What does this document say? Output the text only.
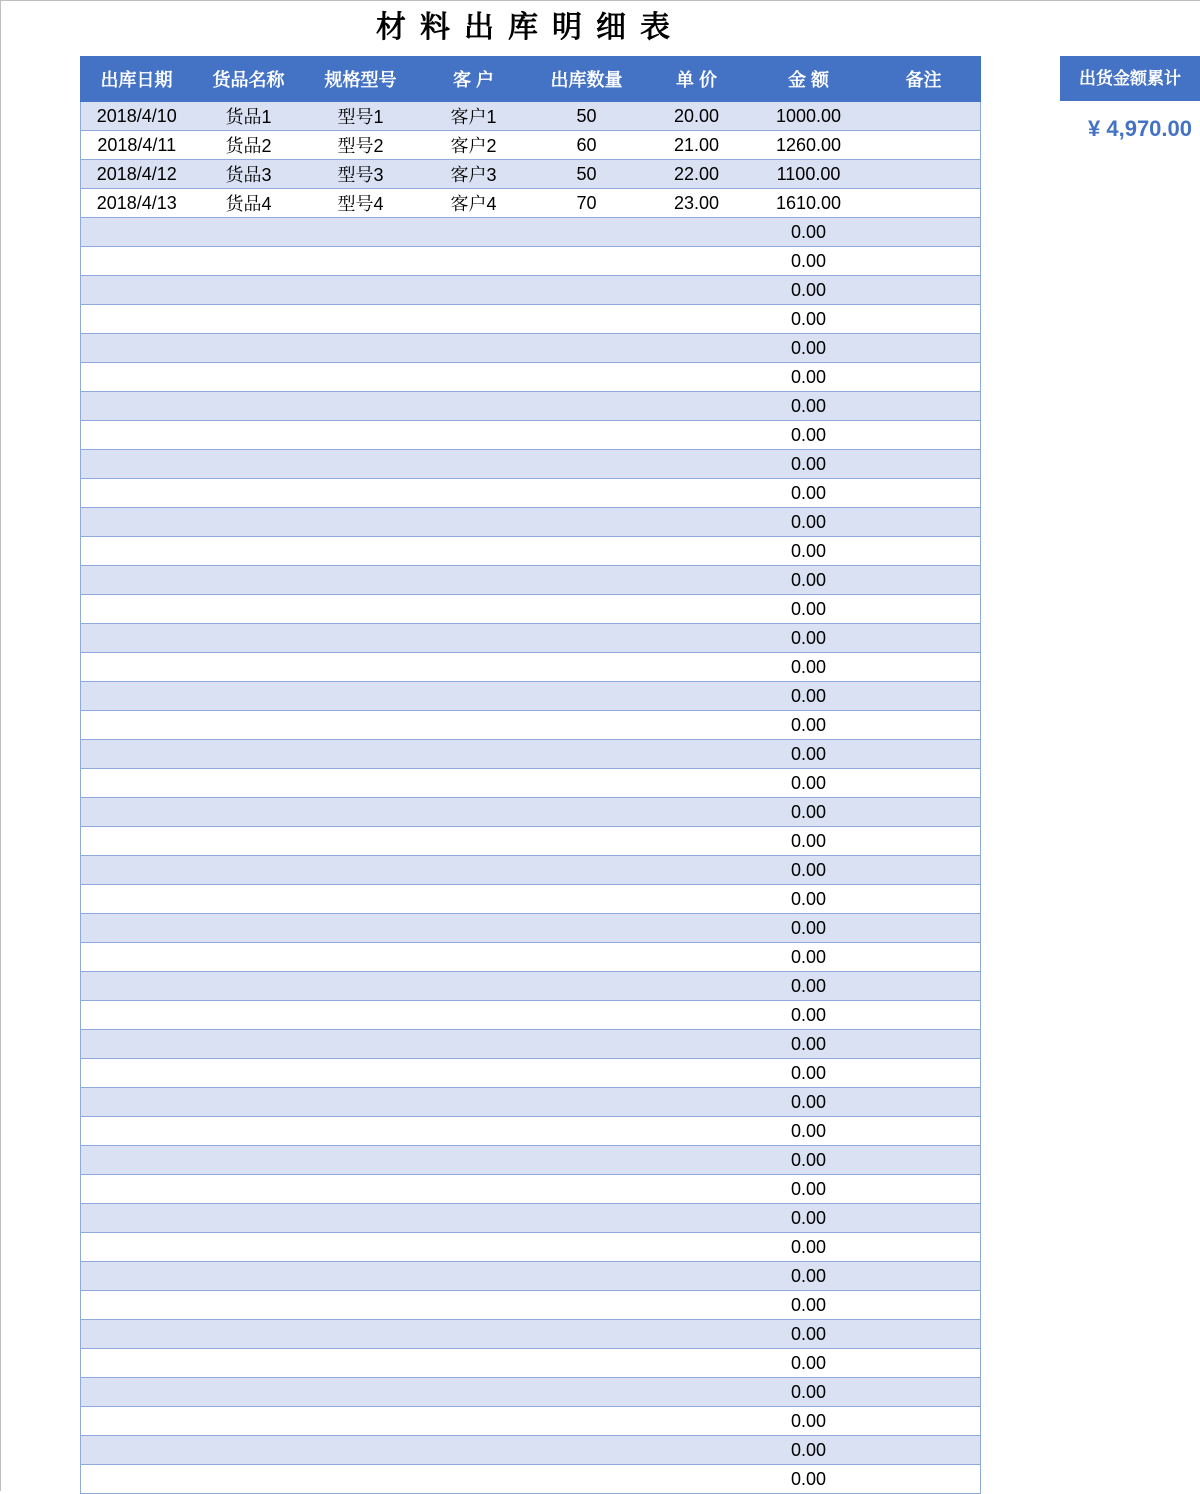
材料出库明细表
出库日期	货品名称	规格型号	客 户	出库数量	单 价	金 额	备注
2018/4/10	货品1	型号1	客户1	50	20.00	1000.00	
2018/4/11	货品2	型号2	客户2	60	21.00	1260.00	
2018/4/12	货品3	型号3	客户3	50	22.00	1100.00	
2018/4/13	货品4	型号4	客户4	70	23.00	1610.00	
						0.00	
						0.00	
						0.00	
						0.00	
						0.00	
						0.00	
						0.00	
						0.00	
						0.00	
						0.00	
						0.00	
						0.00	
						0.00	
						0.00	
						0.00	
						0.00	
						0.00	
						0.00	
						0.00	
						0.00	
						0.00	
						0.00	
						0.00	
						0.00	
						0.00	
						0.00	
						0.00	
						0.00	
						0.00	
						0.00	
						0.00	
						0.00	
						0.00	
						0.00	
						0.00	
						0.00	
						0.00	
						0.00	
						0.00	
						0.00	
						0.00	
						0.00	
						0.00	
						0.00	
出货金额累计
¥ 4,970.00
